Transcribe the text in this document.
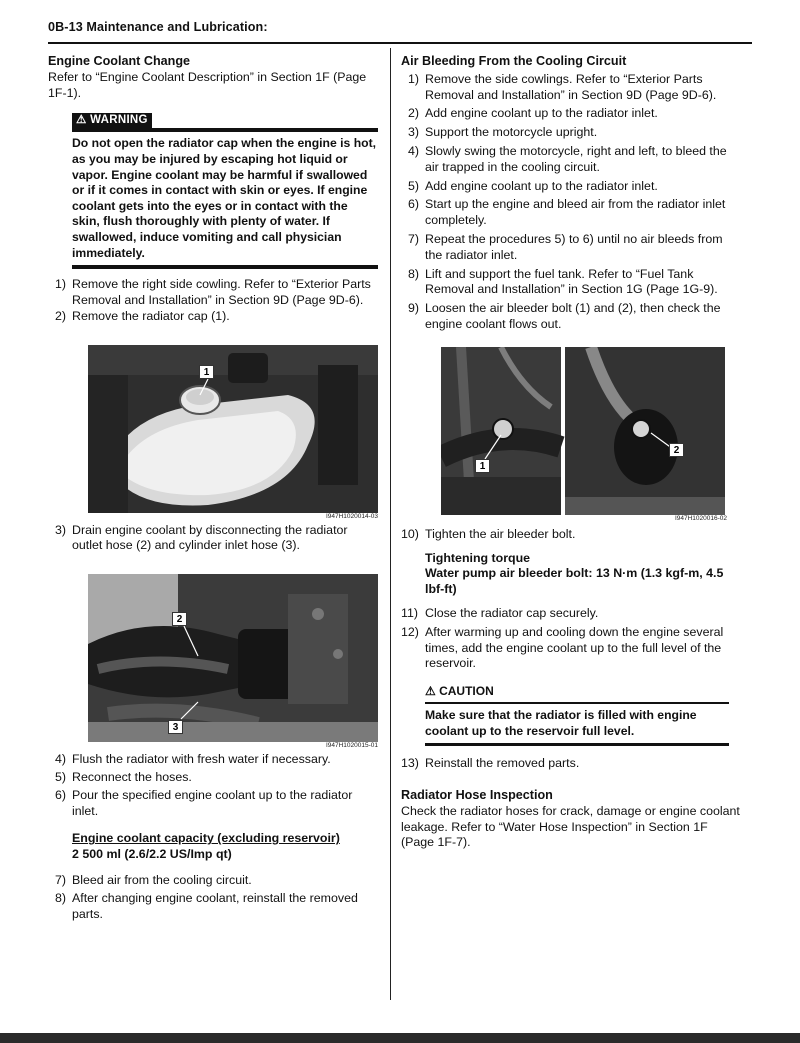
0B-13 Maintenance and Lubrication:
Engine Coolant Change
Refer to “Engine Coolant Description” in Section 1F (Page 1F-1).
⚠ WARNING
Do not open the radiator cap when the engine is hot, as you may be injured by escaping hot liquid or vapor. Engine coolant may be harmful if swallowed or if it comes in contact with skin or eyes. If engine coolant gets into the eyes or in contact with the skin, flush thoroughly with plenty of water. If swallowed, induce vomiting and call physician immediately.
1) Remove the right side cowling. Refer to “Exterior Parts Removal and Installation” in Section 9D (Page 9D-6).
2) Remove the radiator cap (1).
1
I947H1020014-03
3) Drain engine coolant by disconnecting the radiator outlet hose (2) and cylinder inlet hose (3).
2
3
I947H1020015-01
4) Flush the radiator with fresh water if necessary.
5) Reconnect the hoses.
6) Pour the specified engine coolant up to the radiator inlet.
Engine coolant capacity (excluding reservoir)
2 500 ml (2.6/2.2 US/Imp qt)
7) Bleed air from the cooling circuit.
8) After changing engine coolant, reinstall the removed parts.
Air Bleeding From the Cooling Circuit
1) Remove the side cowlings. Refer to “Exterior Parts Removal and Installation” in Section 9D (Page 9D-6).
2) Add engine coolant up to the radiator inlet.
3) Support the motorcycle upright.
4) Slowly swing the motorcycle, right and left, to bleed the air trapped in the cooling circuit.
5) Add engine coolant up to the radiator inlet.
6) Start up the engine and bleed air from the radiator inlet completely.
7) Repeat the procedures 5) to 6) until no air bleeds from the radiator inlet.
8) Lift and support the fuel tank. Refer to “Fuel Tank Removal and Installation” in Section 1G (Page 1G-9).
9) Loosen the air bleeder bolt (1) and (2), then check the engine coolant flows out.
1
2
I947H1020016-02
10) Tighten the air bleeder bolt.
Tightening torque
Water pump air bleeder bolt: 13 N·m (1.3 kgf-m, 4.5 lbf-ft)
11) Close the radiator cap securely.
12) After warming up and cooling down the engine several times, add the engine coolant up to the full level of the reservoir.
⚠ CAUTION
Make sure that the radiator is filled with engine coolant up to the reservoir full level.
13) Reinstall the removed parts.
Radiator Hose Inspection
Check the radiator hoses for crack, damage or engine coolant leakage. Refer to “Water Hose Inspection” in Section 1F (Page 1F-7).
